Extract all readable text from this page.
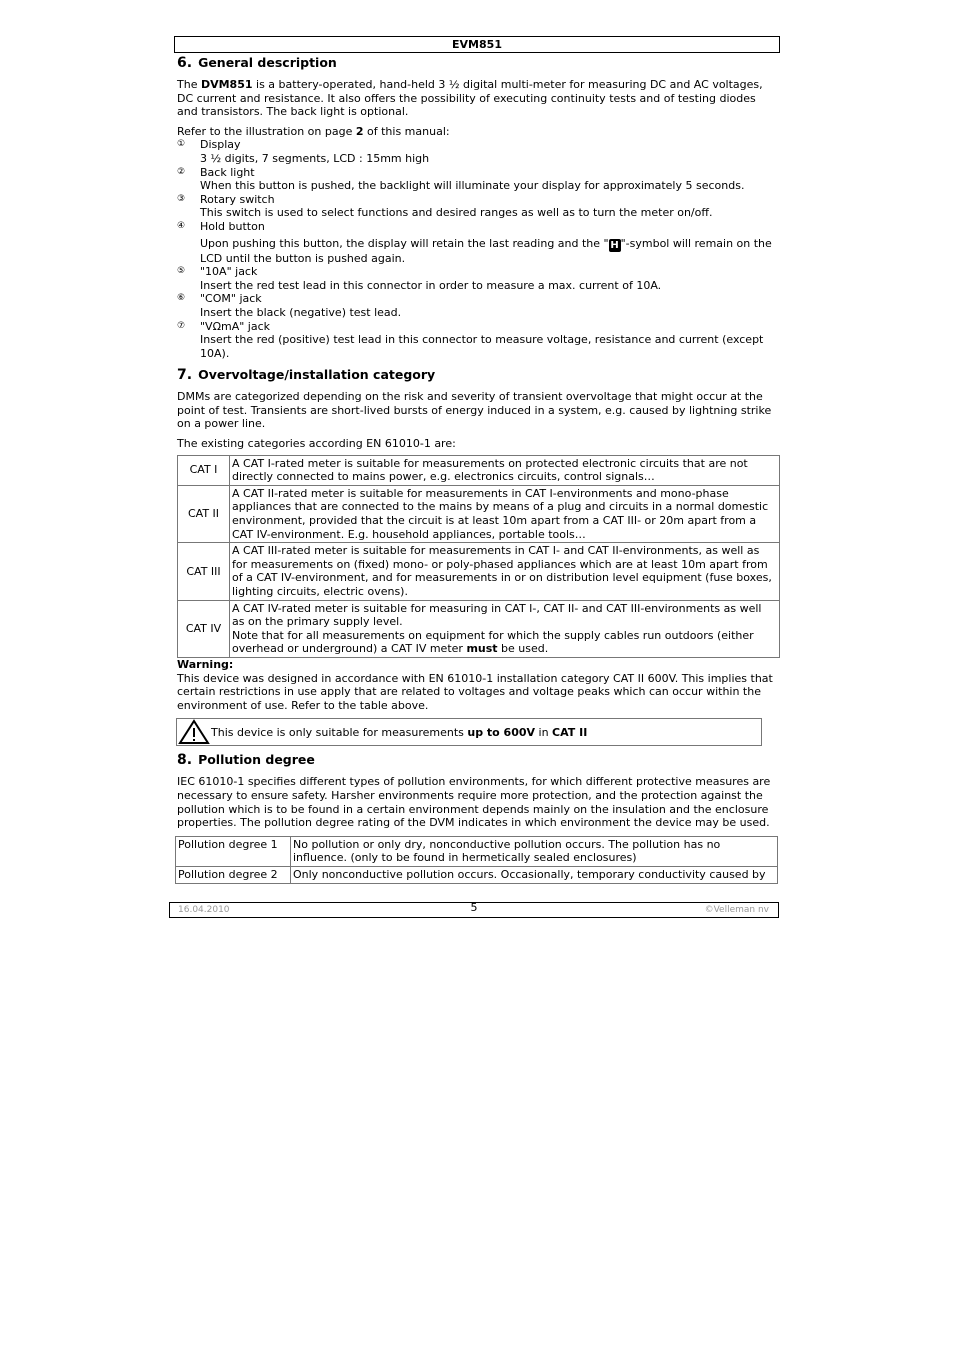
EVM851
6. General description

The DVM851 is a battery-operated, hand-held 3 ½ digital multi-meter for measuring DC and AC voltages, DC current and resistance. It also offers the possibility of executing continuity tests and of testing diodes and transistors. The back light is optional.

Refer to the illustration on page 2 of this manual:

① Display
3 ½ digits, 7 segments, LCD : 15mm high
② Back light
When this button is pushed, the backlight will illuminate your display for approximately 5 seconds.
③ Rotary switch
This switch is used to select functions and desired ranges as well as to turn the meter on/off.
④ Hold button
Upon pushing this button, the display will retain the last reading and the " H "-symbol will remain on the LCD until the button is pushed again.
⑤ "10A" jack
Insert the red test lead in this connector in order to measure a max. current of 10A.
⑥ "COM" jack
Insert the black (negative) test lead.
⑦ "VΩmA" jack
Insert the red (positive) test lead in this connector to measure voltage, resistance and current (except 10A).
7. Overvoltage/installation category

DMMs are categorized depending on the risk and severity of transient overvoltage that might occur at the point of test. Transients are short-lived bursts of energy induced in a system, e.g. caused by lightning strike on a power line.

The existing categories according EN 61010-1 are:

CAT I	A CAT I-rated meter is suitable for measurements on protected electronic circuits that are not directly connected to mains power, e.g. electronics circuits, control signals…
CAT II	A CAT II-rated meter is suitable for measurements in CAT I-environments and mono-phase appliances that are connected to the mains by means of a plug and circuits in a normal domestic environment, provided that the circuit is at least 10m apart from a CAT III- or 20m apart from a CAT IV-environment. E.g. household appliances, portable tools…
CAT III	A CAT III-rated meter is suitable for measurements in CAT I- and CAT II-environments, as well as for measurements on (fixed) mono- or poly-phased appliances which are at least 10m apart from of a CAT IV-environment, and for measurements in or on distribution level equipment (fuse boxes, lighting circuits, electric ovens).
CAT IV	A CAT IV-rated meter is suitable for measuring in CAT I-, CAT II- and CAT III-environments as well as on the primary supply level.
Note that for all measurements on equipment for which the supply cables run outdoors (either overhead or underground) a CAT IV meter must be used.

Warning:

This device was designed in accordance with EN 61010-1 installation category CAT II 600V. This implies that certain restrictions in use apply that are related to voltages and voltage peaks which can occur within the environment of use. Refer to the table above.

This device is only suitable for measurements up to 600V in CAT II
8. Pollution degree

IEC 61010-1 specifies different types of pollution environments, for which different protective measures are necessary to ensure safety. Harsher environments require more protection, and the protection against the pollution which is to be found in a certain environment depends mainly on the insulation and the enclosure properties. The pollution degree rating of the DVM indicates in which environment the device may be used.

Pollution degree 1	No pollution or only dry, nonconductive pollution occurs. The pollution has no influence. (only to be found in hermetically sealed enclosures)
Pollution degree 2	Only nonconductive pollution occurs. Occasionally, temporary conductivity caused by
16.04.2010	5	©Velleman nv
